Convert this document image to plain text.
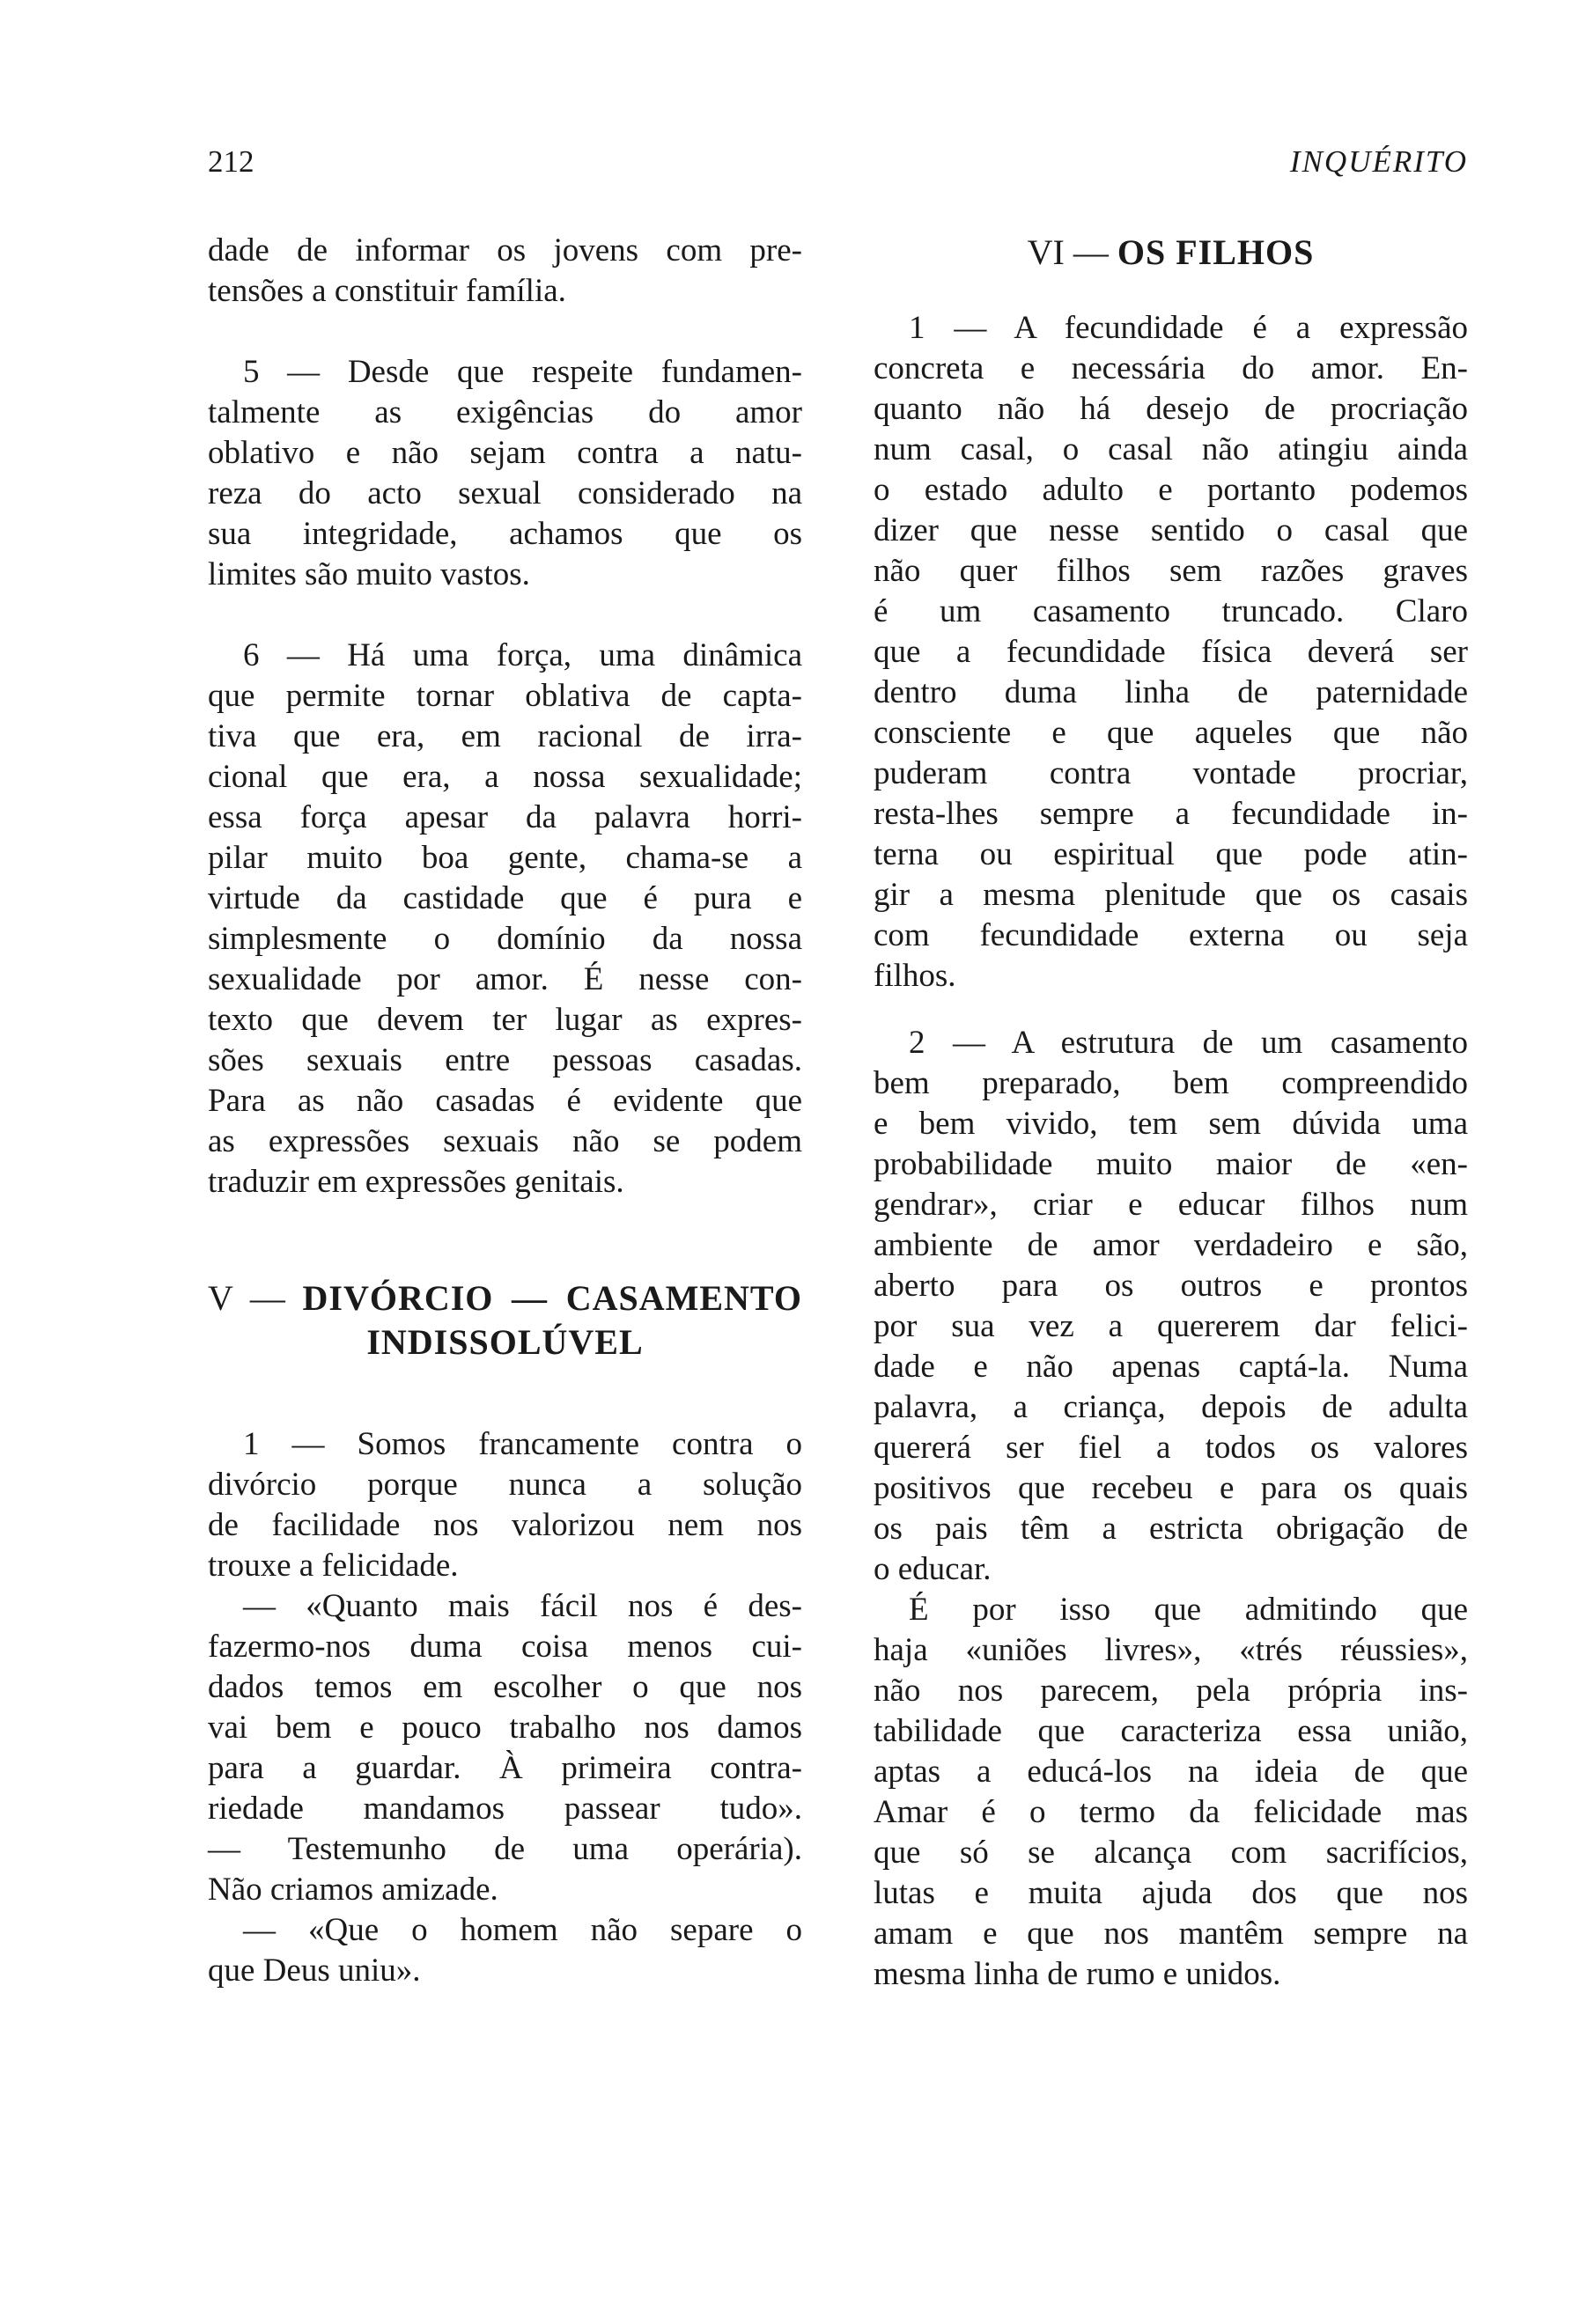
212	INQUÉRITO
dade de informar os jovens com pre-
tensões a constituir família.
5 — Desde que respeite fundamen-
talmente as exigências do amor
oblativo e não sejam contra a natu-
reza do acto sexual considerado na
sua integridade, achamos que os
limites são muito vastos.
6 — Há uma força, uma dinâmica
que permite tornar oblativa de capta-
tiva que era, em racional de irra-
cional que era, a nossa sexualidade;
essa força apesar da palavra horri-
pilar muito boa gente, chama-se a
virtude da castidade que é pura e
simplesmente o domínio da nossa
sexualidade por amor. É nesse con-
texto que devem ter lugar as expres-
sões sexuais entre pessoas casadas.
Para as não casadas é evidente que
as expressões sexuais não se podem
traduzir em expressões genitais.
V — DIVÓRCIO — CASAMENTO
INDISSOLÚVEL
1 — Somos francamente contra o
divórcio porque nunca a solução
de facilidade nos valorizou nem nos
trouxe a felicidade.
— «Quanto mais fácil nos é des-
fazermo-nos duma coisa menos cui-
dados temos em escolher o que nos
vai bem e pouco trabalho nos damos
para a guardar. À primeira contra-
riedade mandamos passear tudo».
— Testemunho de uma operária).
Não criamos amizade.
— «Que o homem não separe o
que Deus uniu».
VI — OS FILHOS
1 — A fecundidade é a expressão
concreta e necessária do amor. En-
quanto não há desejo de procriação
num casal, o casal não atingiu ainda
o estado adulto e portanto podemos
dizer que nesse sentido o casal que
não quer filhos sem razões graves
é um casamento truncado. Claro
que a fecundidade física deverá ser
dentro duma linha de paternidade
consciente e que aqueles que não
puderam contra vontade procriar,
resta-lhes sempre a fecundidade in-
terna ou espiritual que pode atin-
gir a mesma plenitude que os casais
com fecundidade externa ou seja
filhos.
2 — A estrutura de um casamento
bem preparado, bem compreendido
e bem vivido, tem sem dúvida uma
probabilidade muito maior de «en-
gendrar», criar e educar filhos num
ambiente de amor verdadeiro e são,
aberto para os outros e prontos
por sua vez a quererem dar felici-
dade e não apenas captá-la. Numa
palavra, a criança, depois de adulta
quererá ser fiel a todos os valores
positivos que recebeu e para os quais
os pais têm a estricta obrigação de
o educar.
É por isso que admitindo que
haja «uniões livres», «trés réussies»,
não nos parecem, pela própria ins-
tabilidade que caracteriza essa união,
aptas a educá-los na ideia de que
Amar é o termo da felicidade mas
que só se alcança com sacrifícios,
lutas e muita ajuda dos que nos
amam e que nos mantêm sempre na
mesma linha de rumo e unidos.
